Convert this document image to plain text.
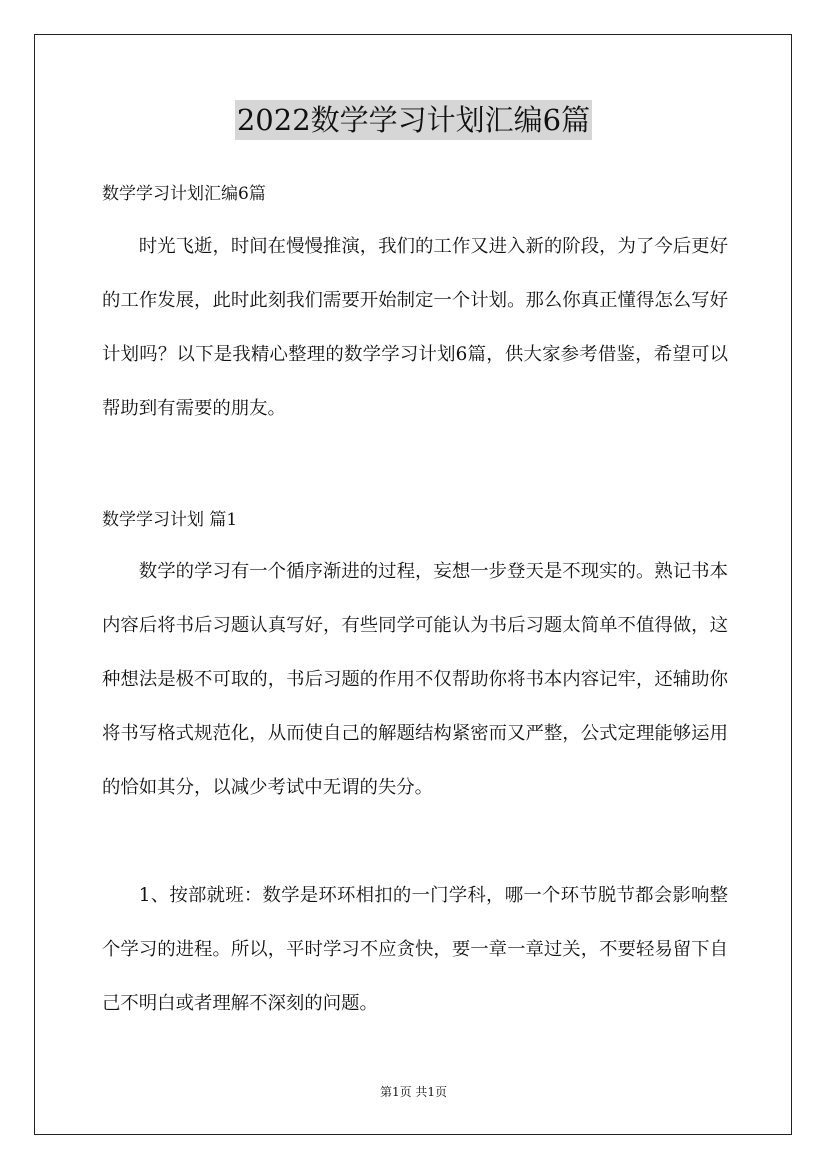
2022数学学习计划汇编6篇
数学学习计划汇编6篇

时光飞逝，时间在慢慢推演，我们的工作又进入新的阶段，为了今后更好的工作发展，此时此刻我们需要开始制定一个计划。那么你真正懂得怎么写好计划吗？以下是我精心整理的数学学习计划6篇，供大家参考借鉴，希望可以帮助到有需要的朋友。

数学学习计划 篇1

数学的学习有一个循序渐进的过程，妄想一步登天是不现实的。熟记书本内容后将书后习题认真写好，有些同学可能认为书后习题太简单不值得做，这种想法是极不可取的，书后习题的作用不仅帮助你将书本内容记牢，还辅助你将书写格式规范化，从而使自己的解题结构紧密而又严整，公式定理能够运用的恰如其分，以减少考试中无谓的失分。

1、按部就班：数学是环环相扣的一门学科，哪一个环节脱节都会影响整个学习的进程。所以，平时学习不应贪快，要一章一章过关，不要轻易留下自己不明白或者理解不深刻的问题。

第1页 共1页
